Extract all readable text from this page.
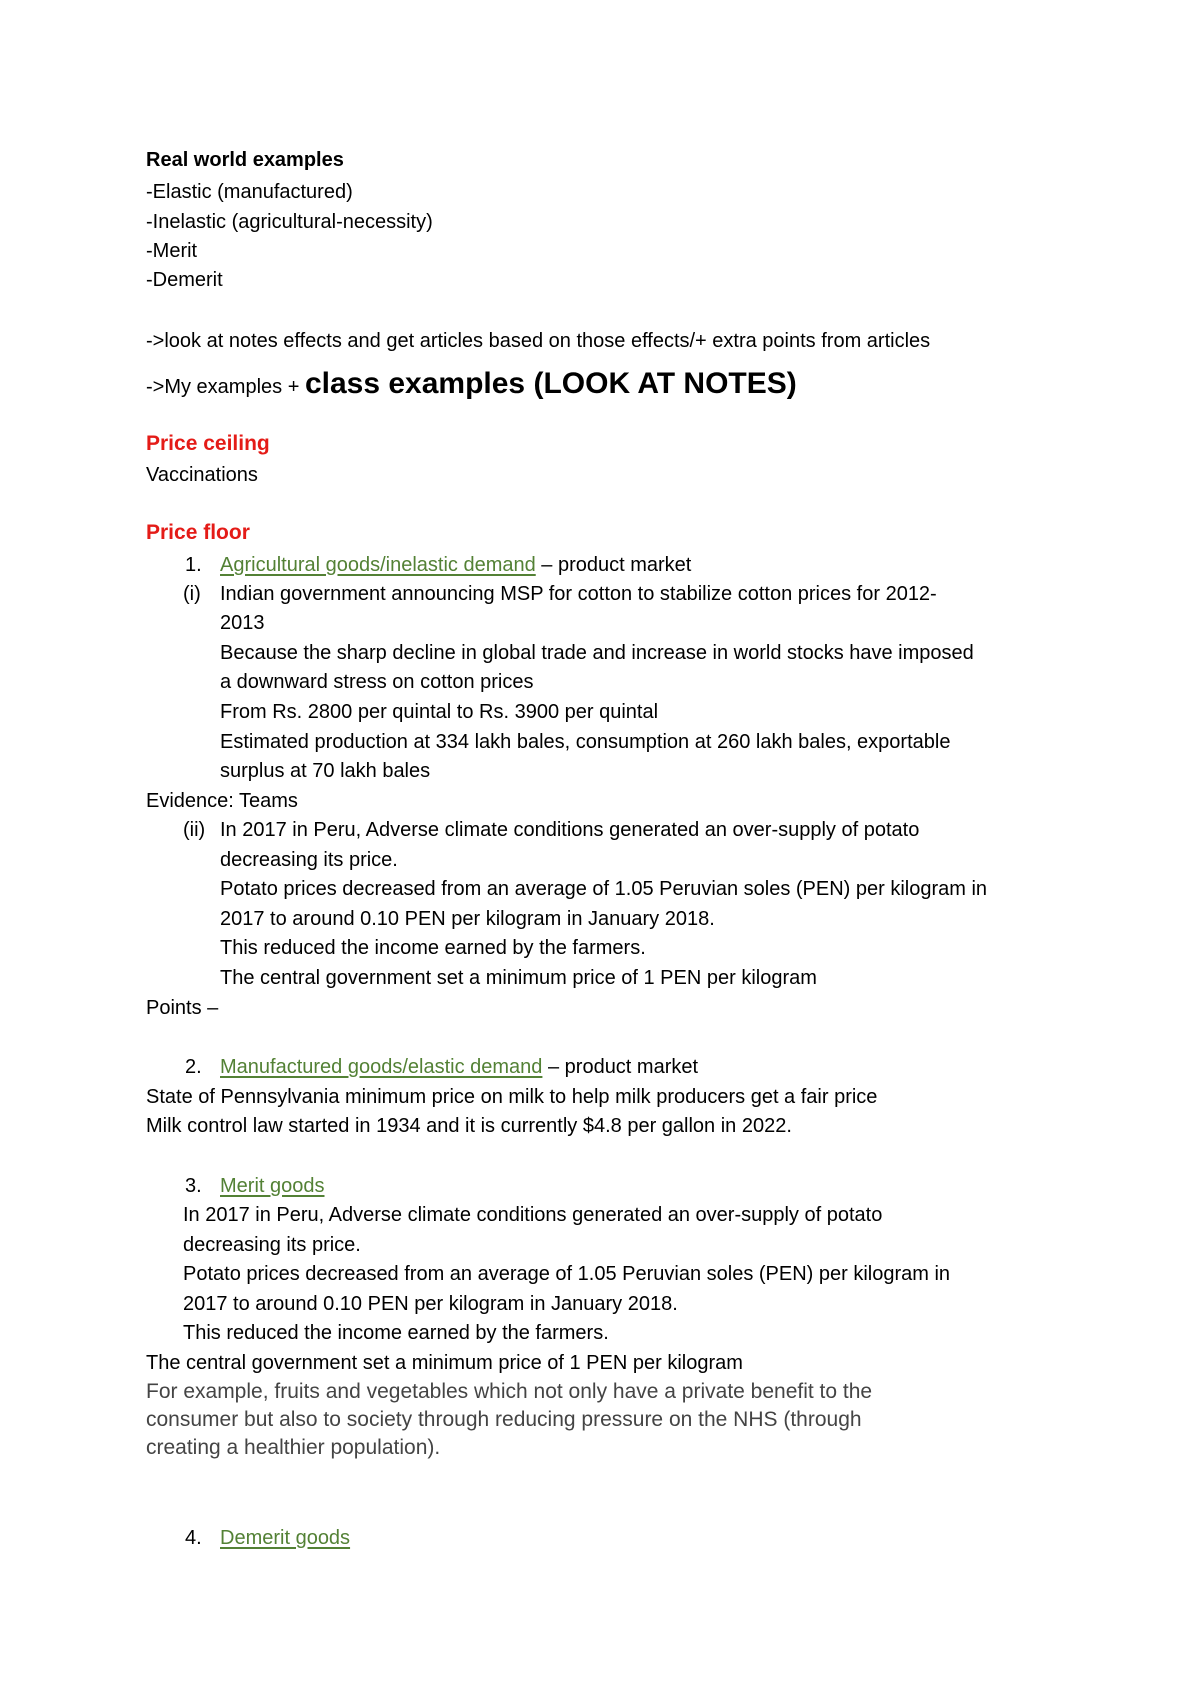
Real world examples
-Elastic (manufactured)
-Inelastic (agricultural-necessity)
-Merit
-Demerit
->look at notes effects and get articles based on those effects/+ extra points from articles
->My examples + class examples (LOOK AT NOTES)
Price ceiling
Vaccinations
Price floor
1. Agricultural goods/inelastic demand – product market
(i) Indian government announcing MSP for cotton to stabilize cotton prices for 2012-
2013
Because the sharp decline in global trade and increase in world stocks have imposed
a downward stress on cotton prices
From Rs. 2800 per quintal to Rs. 3900 per quintal
Estimated production at 334 lakh bales, consumption at 260 lakh bales, exportable
surplus at 70 lakh bales
Evidence: Teams
(ii) In 2017 in Peru, Adverse climate conditions generated an over-supply of potato
decreasing its price.
Potato prices decreased from an average of 1.05 Peruvian soles (PEN) per kilogram in
2017 to around 0.10 PEN per kilogram in January 2018.
This reduced the income earned by the farmers.
The central government set a minimum price of 1 PEN per kilogram
Points –
2. Manufactured goods/elastic demand – product market
State of Pennsylvania minimum price on milk to help milk producers get a fair price
Milk control law started in 1934 and it is currently $4.8 per gallon in 2022.
3. Merit goods
In 2017 in Peru, Adverse climate conditions generated an over-supply of potato
decreasing its price.
Potato prices decreased from an average of 1.05 Peruvian soles (PEN) per kilogram in
2017 to around 0.10 PEN per kilogram in January 2018.
This reduced the income earned by the farmers.
The central government set a minimum price of 1 PEN per kilogram
For example, fruits and vegetables which not only have a private benefit to the
consumer but also to society through reducing pressure on the NHS (through
creating a healthier population).
4. Demerit goods
